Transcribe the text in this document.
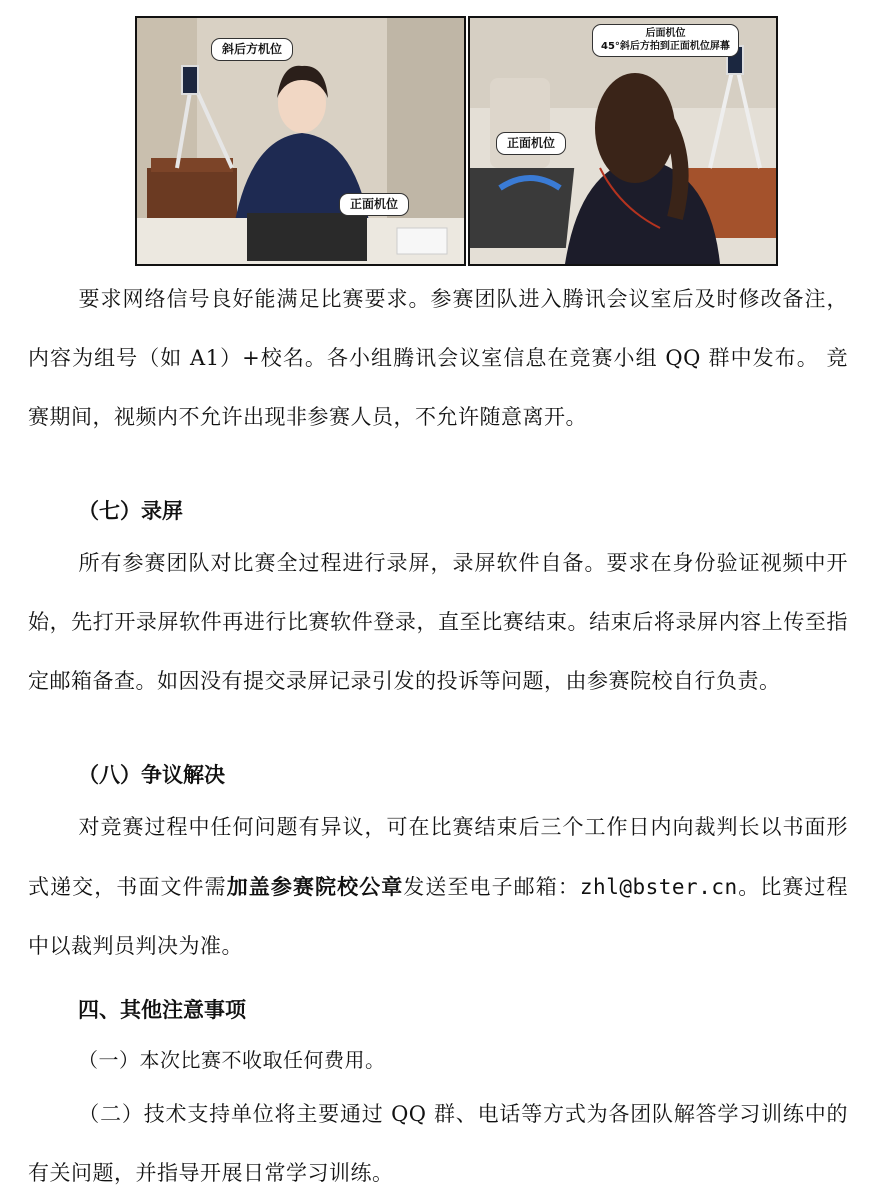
斜后方机位
正面机位
后面机位
45°斜后方拍到正面机位屏幕
正面机位

要求网络信号良好能满足比赛要求。参赛团队进入腾讯会议室后及时修改备注，内容为组号（如 A1）+校名。各小组腾讯会议室信息在竞赛小组 QQ 群中发布。 竞赛期间，视频内不允许出现非参赛人员，不允许随意离开。

（七）录屏

所有参赛团队对比赛全过程进行录屏，录屏软件自备。要求在身份验证视频中开始，先打开录屏软件再进行比赛软件登录，直至比赛结束。结束后将录屏内容上传至指定邮箱备查。如因没有提交录屏记录引发的投诉等问题，由参赛院校自行负责。

（八）争议解决

对竞赛过程中任何问题有异议，可在比赛结束后三个工作日内向裁判长以书面形式递交，书面文件需加盖参赛院校公章发送至电子邮箱：zhl@bster.cn。比赛过程中以裁判员判决为准。

四、其他注意事项

（一）本次比赛不收取任何费用。

（二）技术支持单位将主要通过 QQ 群、电话等方式为各团队解答学习训练中的有关问题，并指导开展日常学习训练。
